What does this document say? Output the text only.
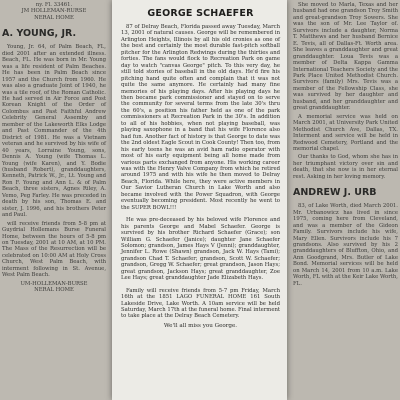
ny. Fl. 33461.

JM HOLLEMAN-RURSE

NERAL HOME

A. YOUNG, JR.

Young, Jr. 64, of Palm Beach, FL, died 2001 after an extended illness. Beach, FL. He was born in Mr. Young was a life resident of Palm Beaches. He has been in Palm Beach since 1957 and the Church from 1960. He was also a graduate Joint of 1940, he was a tile roof, of the Roman Catholic. He had served in Air Force and Post Korean Knight of the Order of Colombus and Past Faithful Andrew Celebrity General Assemby and member of the Lakeworth Elks Lodge and Past Commander of the 4th District of 1981. He was a Vietnam veteran and he survived by his wife of 40 years, Lorraine Young, sons, Dennis A. Young (wife Thomas L. Young (wife Karen), and Y. Bodie (husband Robert), granddaughters, Kenneth, Patrick W., Jr., Lt. Young and Ron F. Young and Ann L. & of Palm Beach, three sisters, Agnes Riley, A. Vemo, Peg Farley. He was preceded in death by his son, Thomas E. and sister, J. 1996, and his brothers Peter and Paul.

will receive friends from 5-8 pm at Guydrial Hollemans Burse Funeral Home, between the hours of 5-8 pm on Tuesday, 2001 at 10 AM, at 10 PM. The Mass of the Resurrection will be celebrated on 10:00 AM at Holy Cross Church, West Palm Beach, with interment following in St. Avenue, West Palm Beach.

UM-HOLLEMAN-BURSE

NERAL HOME

GEORGE SCHAEFER

87 of Delray Beach, Florida passed away Tuesday, March 13, 2001 of natural causes. George will be remembered in Arlington Heights, Illinois by all his old cronies as one of the best and certainly the most durable fast-pitch softball pitcher for the Arlington Redwings during the thirties and forties. The fans would flock to Recreation Park on game day to watch "canvas George" pitch. To this very day, he still told stories of baseball in the old days. He'd fire his pitching hand quite often and complain that it was not quite the same anymore. He certainly had many fine memories of his playing days. After his playing days he then became park commissioner and stayed on to serve the community for several terms from the late 30's thru the 60's, a position his father held as one of the park commissioners at Recreation Park in the 30's. In addition to all of his hobbies, when not playing baseball, was playing saxophone in a band that his wife Florence also had fun. Another fact of history is that George to date was the 2nd oldest Eagle Scout in Cook County! Then too, from his early teens he was an avid ham radio operator with most of his early equipment being all home made from various parts exchanged from anyone. His working career was with the Henry Valve Company from which he retired around 1975 and with his wife he then moved to Delray Beach, Florida. While here, they were active members in Our Savior Lutheran Church in Lake Worth and also became involved with the Power Squadron, with George eventually becoming president. Most recently he went to the SUPER BOWL!!!

He was pre-deceased by his beloved wife Florence and his parents George and Mabel Schaefer. George is survived by his brother Richard Schaefer (Grace); son William G. Schaefer (Janice); daughter Jane Schaefer Solomon; grandson, James Hays V (Jenni); granddaughter, Jennifer L. Rowe (Shawn) grandson, Jack W. Hays (Tami); grandson Chad T. Schaefer; grandson, Scott W. Schaefer; grandson, Gregg W. Schaefer; great grandson, Jason Hays; great grandson, Jackson Hays; great granddaughter, Zoe Lee Hays; great granddaughter Jade Elizabeth Hays.

Family will receive friends from 5-7 pm Friday, March 16th at the 1851 LAGO FUNERAL HOME 161 South Lakeside Drive, Lake Worth. A 10am service will be held Saturday, March 17th at the funeral home. Final interment to take place at the Delray Beach Cemetery.

We'll all miss you George.

She moved to Marla, Texas and her husband had one grandson Troy Smith and great-grandson Troy Sowers. She was the son of Mr. Lee Taylor of. Survivors include a daughter, Norma T. Matthews and her husband Bernice E. Tevis, all of Dallas-Ft. Worth area. She leaves a granddaughter and great granddaughter. Loua Tevis was a member of Delta Kappa Gamma International Teachers Society and the Park Place United Methodist Church. Survivors (family) Mrs. Tevis was a member of the Fellowship Class, she was survived by her daughter and husband, and her granddaughter and great granddaughter.

A memorial service was held on March 2001, at University Park United Methodist Church Ave, Dallas, TX. Interment and service will be held in Redwood Cemetery, Portland and the memorial chapel.

Our thanks to God, whom she has in her triumphant victory over sin and death, that she now is in her eternal rest. Asking in her loving memory.

ANDREW J. URB

83, of Lake Worth, died March 2001. Mr. Urbanowicz has lived in since 1975, coming here from Cleveland, and was a member of the Gideon Family. Survivors include his wife, Mary Ellen. Survivors include his 7 grandsons. Also survived by his 2 granddaughters of Bluffton, Ohio, and Ann Goodgrand, Mrs. Butler of Lake Bond. Memorial services will be held on March 14, 2001 from 10 a.m. Lake Worth, FL with at the Keir Lake Worth, FL.
